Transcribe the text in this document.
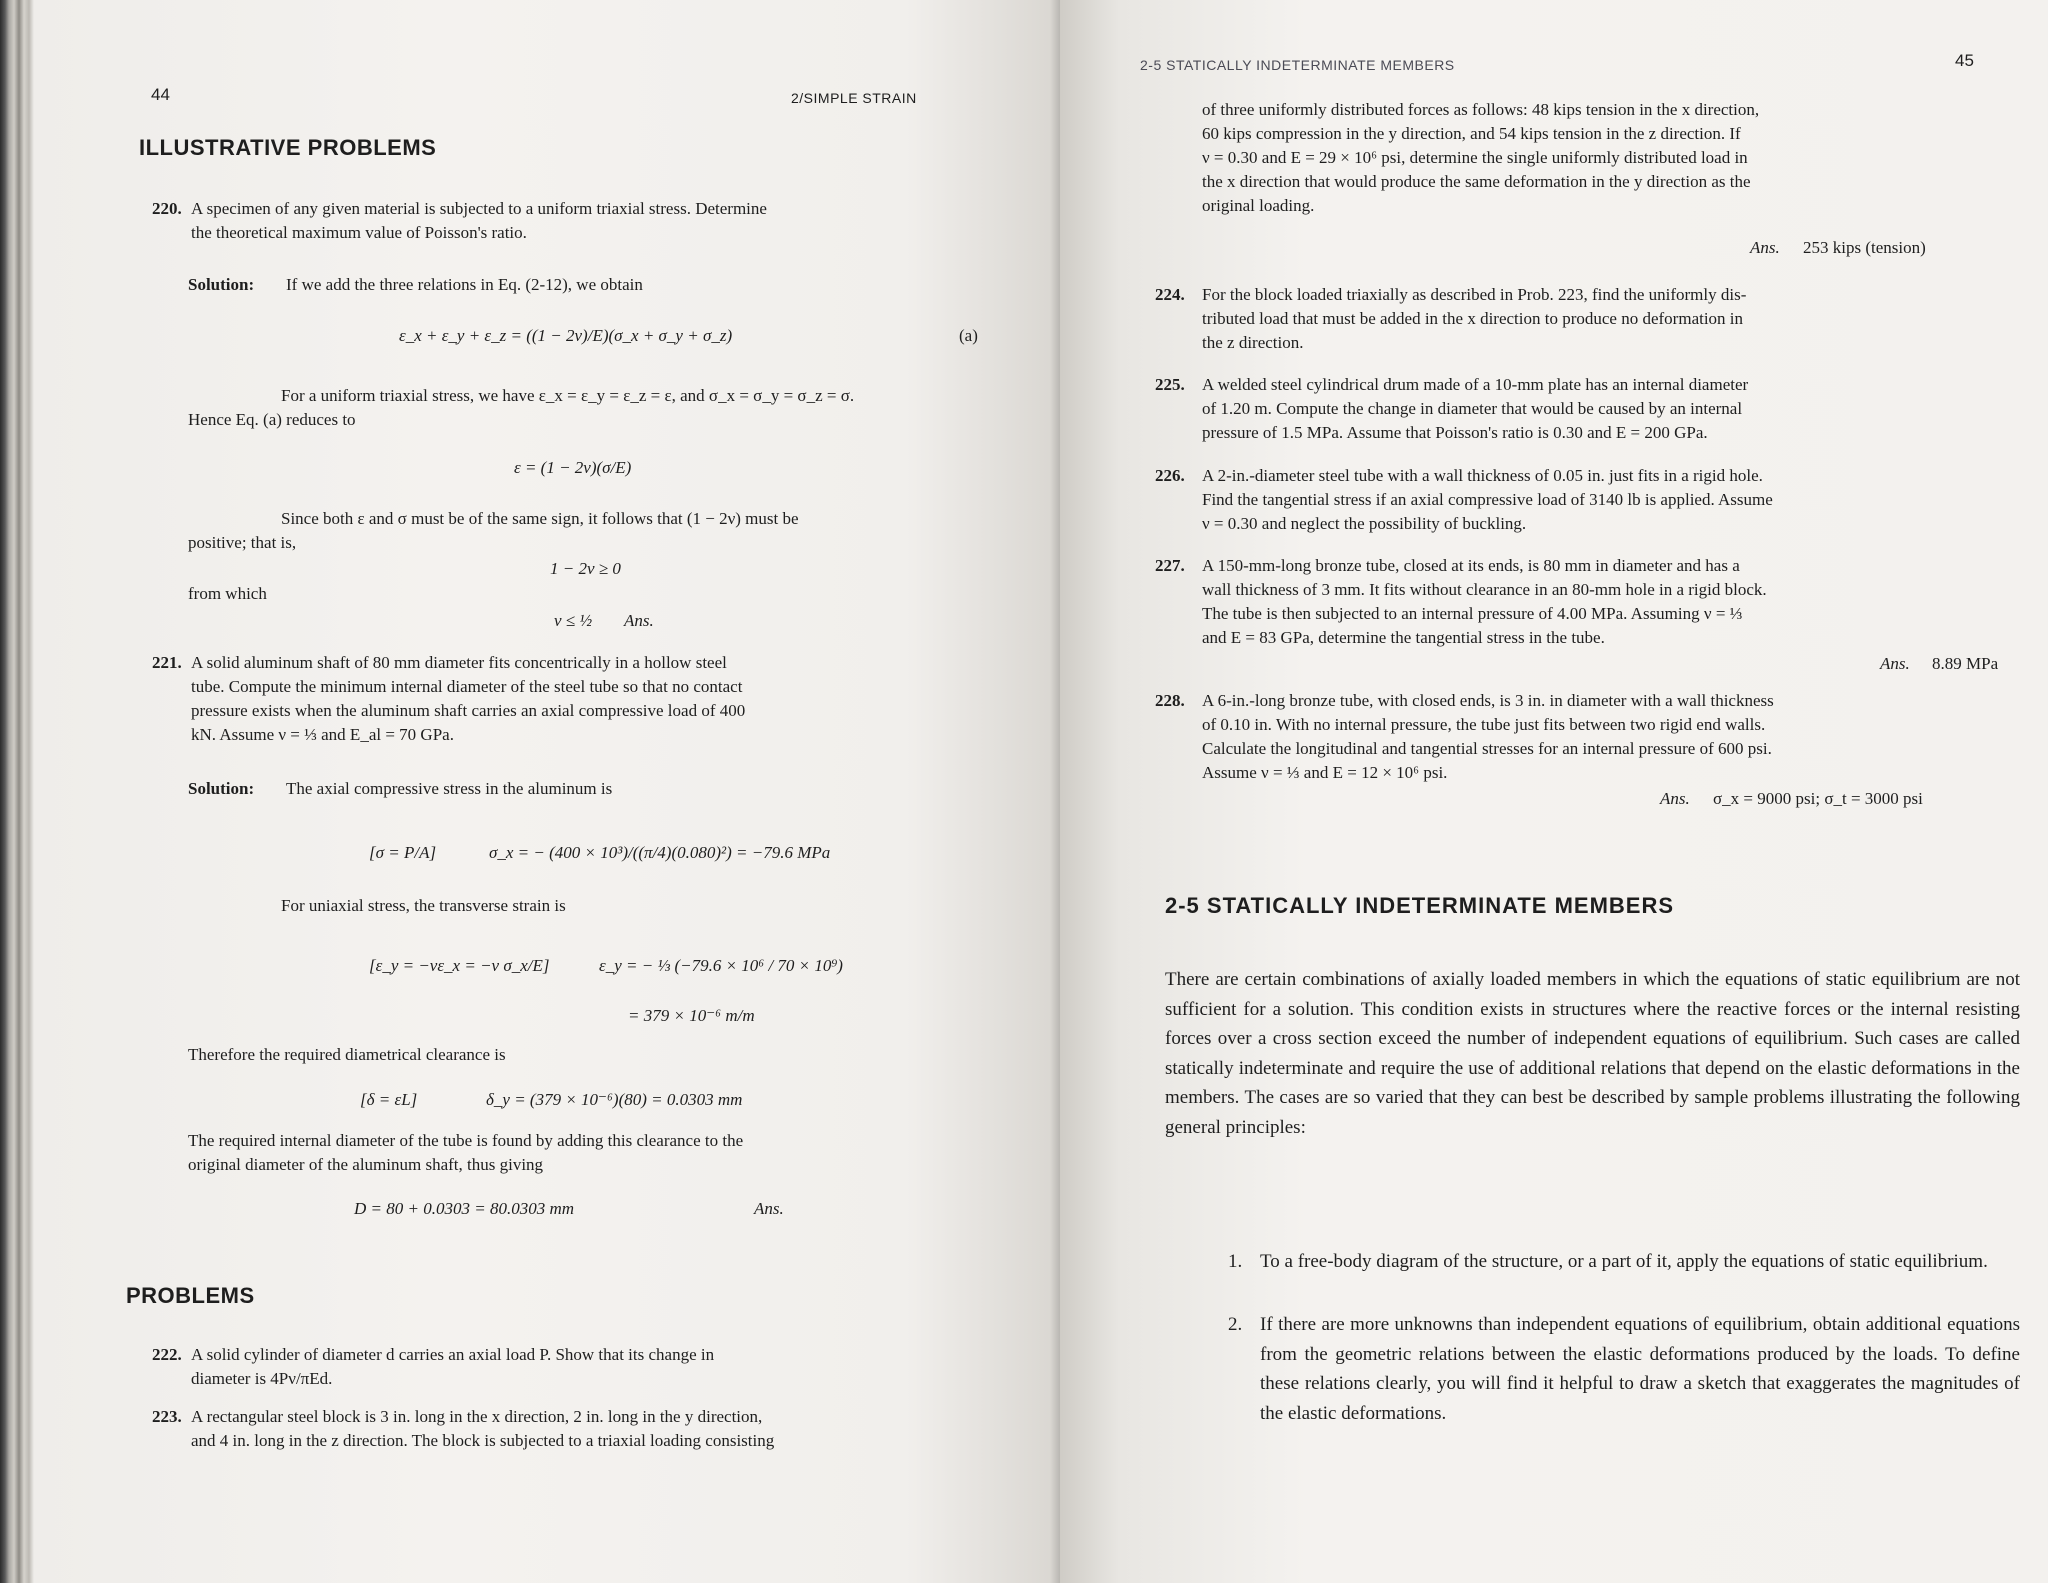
44	2/SIMPLE STRAIN
ILLUSTRATIVE PROBLEMS
220. A specimen of any given material is subjected to a uniform triaxial stress. Determine
the theoretical maximum value of Poisson's ratio.
Solution: If we add the three relations in Eq. (2-12), we obtain
ε_x + ε_y + ε_z = ((1 − 2ν)/E)(σ_x + σ_y + σ_z)	(a)
For a uniform triaxial stress, we have ε_x = ε_y = ε_z = ε, and σ_x = σ_y = σ_z = σ.
Hence Eq. (a) reduces to
ε = (1 − 2ν)(σ/E)
Since both ε and σ must be of the same sign, it follows that (1 − 2ν) must be
positive; that is,
1 − 2ν ≥ 0
from which
ν ≤ ½ Ans.
221. A solid aluminum shaft of 80 mm diameter fits concentrically in a hollow steel
tube. Compute the minimum internal diameter of the steel tube so that no contact
pressure exists when the aluminum shaft carries an axial compressive load of 400
kN. Assume ν = ⅓ and E_al = 70 GPa.
Solution: The axial compressive stress in the aluminum is
[σ = P/A]	σ_x = − (400 × 10³)/((π/4)(0.080)²) = −79.6 MPa
For uniaxial stress, the transverse strain is
[ε_y = −νε_x = −ν σ_x/E]	ε_y = − ⅓ (−79.6 × 10⁶ / 70 × 10⁹)
= 379 × 10⁻⁶ m/m
Therefore the required diametrical clearance is
[δ = εL]	δ_y = (379 × 10⁻⁶)(80) = 0.0303 mm
The required internal diameter of the tube is found by adding this clearance to the
original diameter of the aluminum shaft, thus giving
D = 80 + 0.0303 = 80.0303 mm	Ans.
PROBLEMS
222. A solid cylinder of diameter d carries an axial load P. Show that its change in
diameter is 4Pν/πEd.
223. A rectangular steel block is 3 in. long in the x direction, 2 in. long in the y direction,
and 4 in. long in the z direction. The block is subjected to a triaxial loading consisting
2-5 STATICALLY INDETERMINATE MEMBERS	45
of three uniformly distributed forces as follows: 48 kips tension in the x direction,
60 kips compression in the y direction, and 54 kips tension in the z direction. If
ν = 0.30 and E = 29 × 10⁶ psi, determine the single uniformly distributed load in
the x direction that would produce the same deformation in the y direction as the
original loading.
Ans. 253 kips (tension)
224. For the block loaded triaxially as described in Prob. 223, find the uniformly dis-
tributed load that must be added in the x direction to produce no deformation in
the z direction.
225. A welded steel cylindrical drum made of a 10-mm plate has an internal diameter
of 1.20 m. Compute the change in diameter that would be caused by an internal
pressure of 1.5 MPa. Assume that Poisson's ratio is 0.30 and E = 200 GPa.
226. A 2-in.-diameter steel tube with a wall thickness of 0.05 in. just fits in a rigid hole.
Find the tangential stress if an axial compressive load of 3140 lb is applied. Assume
ν = 0.30 and neglect the possibility of buckling.
227. A 150-mm-long bronze tube, closed at its ends, is 80 mm in diameter and has a
wall thickness of 3 mm. It fits without clearance in an 80-mm hole in a rigid block.
The tube is then subjected to an internal pressure of 4.00 MPa. Assuming ν = ⅓
and E = 83 GPa, determine the tangential stress in the tube.
Ans. 8.89 MPa
228. A 6-in.-long bronze tube, with closed ends, is 3 in. in diameter with a wall thickness
of 0.10 in. With no internal pressure, the tube just fits between two rigid end walls.
Calculate the longitudinal and tangential stresses for an internal pressure of 600 psi.
Assume ν = ⅓ and E = 12 × 10⁶ psi.
Ans. σ_x = 9000 psi; σ_t = 3000 psi
2-5 STATICALLY INDETERMINATE MEMBERS
There are certain combinations of axially loaded members in which the equations of static equilibrium are not sufficient for a solution. This condition exists in structures where the reactive forces or the internal resisting forces over a cross section exceed the number of independent equations of equilibrium. Such cases are called statically indeterminate and require the use of additional relations that depend on the elastic deformations in the members. The cases are so varied that they can best be described by sample problems illustrating the following general principles:
1. To a free-body diagram of the structure, or a part of it, apply the equations of static equilibrium.
2. If there are more unknowns than independent equations of equilibrium, obtain additional equations from the geometric relations between the elastic deformations produced by the loads. To define these relations clearly, you will find it helpful to draw a sketch that exaggerates the magnitudes of the elastic deformations.
